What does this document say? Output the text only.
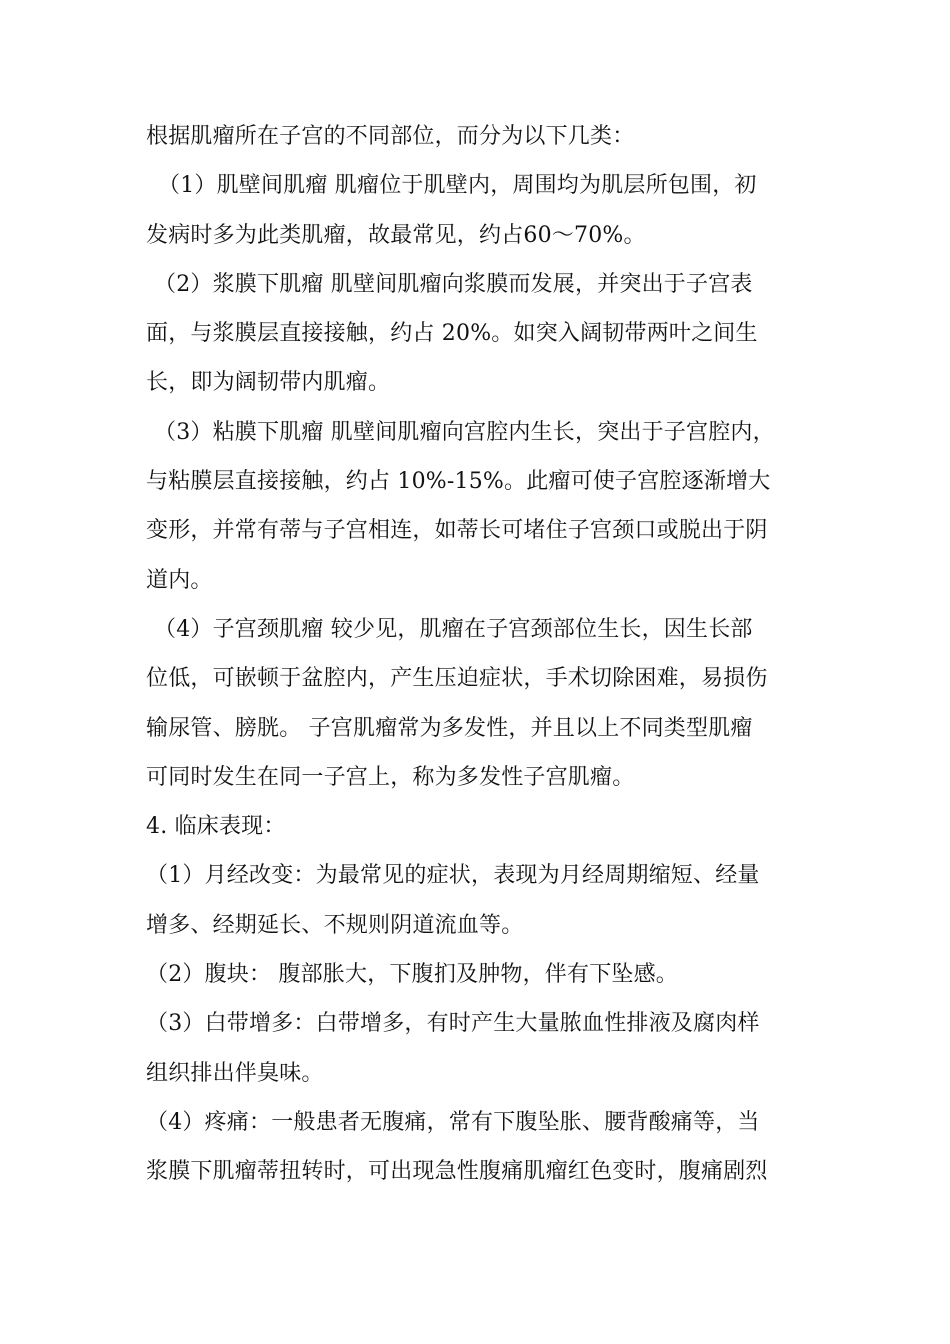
根据肌瘤所在子宫的不同部位，而分为以下几类：
（1）肌壁间肌瘤 肌瘤位于肌壁内，周围均为肌层所包围，初
发病时多为此类肌瘤，故最常见，约占60～70%。
（2）浆膜下肌瘤 肌壁间肌瘤向浆膜而发展，并突出于子宫表
面，与浆膜层直接接触，约占 20%。如突入阔韧带两叶之间生
长，即为阔韧带内肌瘤。
（3）粘膜下肌瘤 肌壁间肌瘤向宫腔内生长，突出于子宫腔内，
与粘膜层直接接触，约占 10%-15%。此瘤可使子宫腔逐渐增大
变形，并常有蒂与子宫相连，如蒂长可堵住子宫颈口或脱出于阴
道内。
（4）子宫颈肌瘤 较少见，肌瘤在子宫颈部位生长，因生长部
位低，可嵌顿于盆腔内，产生压迫症状，手术切除困难，易损伤
输尿管、膀胱。 子宫肌瘤常为多发性，并且以上不同类型肌瘤
可同时发生在同一子宫上，称为多发性子宫肌瘤。
4. 临床表现：
（1）月经改变：为最常见的症状，表现为月经周期缩短、经量
增多、经期延长、不规则阴道流血等。
（2）腹块： 腹部胀大，下腹扪及肿物，伴有下坠感。
（3）白带增多：白带增多，有时产生大量脓血性排液及腐肉样
组织排出伴臭味。
（4）疼痛：一般患者无腹痛，常有下腹坠胀、腰背酸痛等，当
浆膜下肌瘤蒂扭转时，可出现急性腹痛肌瘤红色变时，腹痛剧烈
